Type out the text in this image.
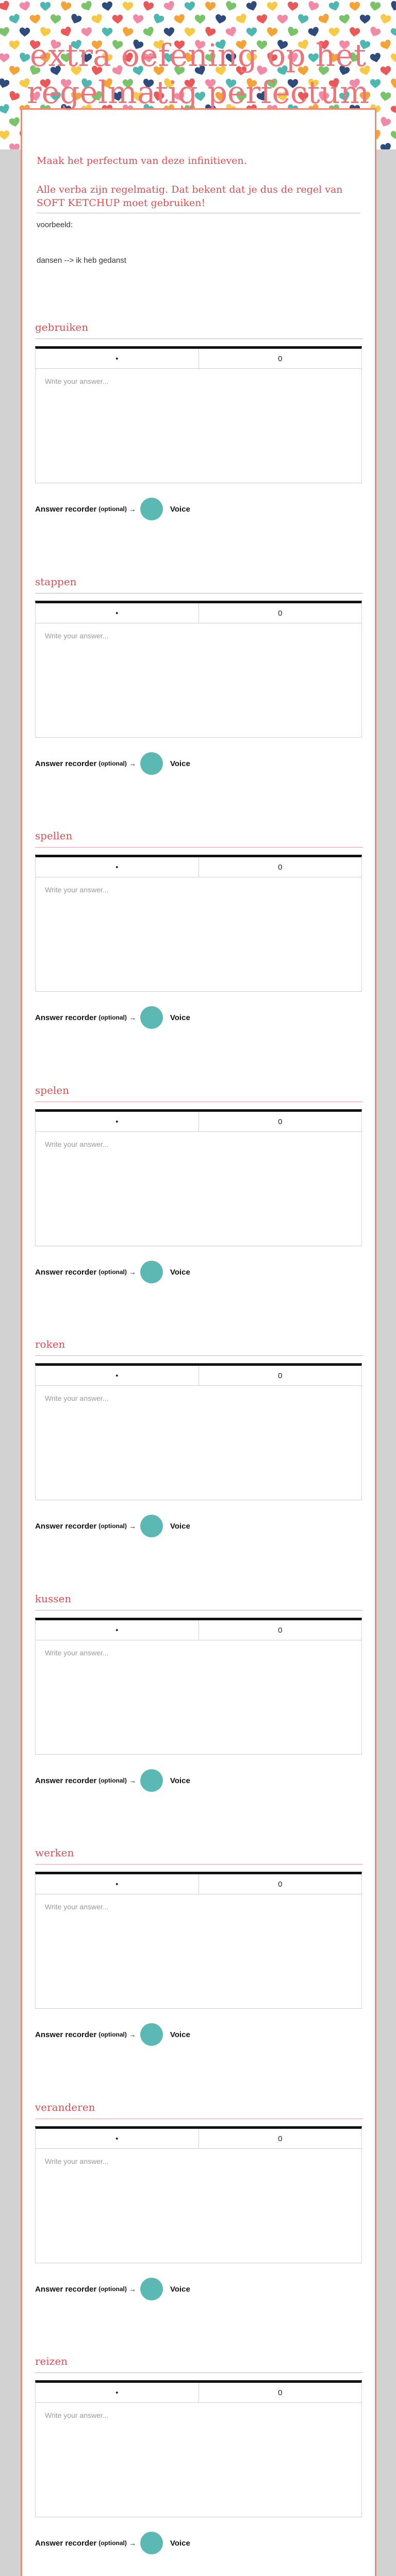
extra oefening op het regelmatig perfectum

Maak het perfectum van deze infinitieven.

Alle verba zijn regelmatig. Dat bekent dat je dus de regel van SOFT KETCHUP moet gebruiken!

voorbeeld:

dansen --> ik heb gedanst

gebruiken
•	0
Write your answer...
Answer recorder (optional) →	Voice
stappen
•	0
Write your answer...
Answer recorder (optional) →	Voice
spellen
•	0
Write your answer...
Answer recorder (optional) →	Voice
spelen
•	0
Write your answer...
Answer recorder (optional) →	Voice
roken
•	0
Write your answer...
Answer recorder (optional) →	Voice
kussen
•	0
Write your answer...
Answer recorder (optional) →	Voice
werken
•	0
Write your answer...
Answer recorder (optional) →	Voice
veranderen
•	0
Write your answer...
Answer recorder (optional) →	Voice
reizen
•	0
Write your answer...
Answer recorder (optional) →	Voice
